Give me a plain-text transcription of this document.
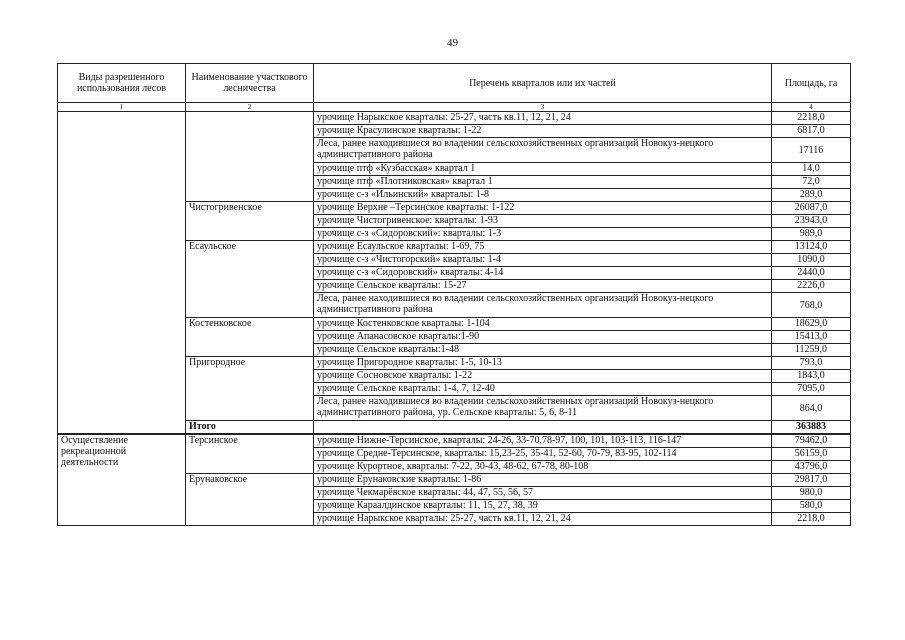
49
Виды разрешенного использования лесов	Наименование участкового лесничества	Перечень кварталов или их частей	Площадь, га
1	2	3	4
		урочище Нарыкское кварталы: 25-27, часть кв.11, 12, 21, 24	2218,0
		урочище Красулинское кварталы: 1-22	6817,0
		Леса, ранее находившиеся во владении сельскохозяйственных организаций Новокуз-нецкого административного района	17116
		урочище птф «Кузбасская» квартал 1	14,0
		урочище птф «Плотниковская» квартал 1	72,0
		урочище с-з «Ильинский» кварталы: 1-8	289,0
	Чистогривенское	урочище Верхне –Терсинское кварталы: 1-122	26087,0
		урочище Чистогривенское: кварталы: 1-93	23943,0
		урочище с-з «Сидоровский»: кварталы: 1-3	989,0
	Есаульское	урочище Есаульское кварталы: 1-69, 75	13124,0
		урочище с-з «Чистогорский» кварталы: 1-4	1090,0
		урочище с-з «Сидоровский» кварталы: 4-14	2440,0
		урочище Сельское кварталы: 15-27	2226,0
		Леса, ранее находившиеся во владении сельскохозяйственных организаций Новокуз-нецкого административного района	768,0
	Костенковское	урочище Костенковское кварталы: 1-104	18629,0
		урочище Апанасовское кварталы:1-90	15413,0
		урочище Сельское кварталы:1-48	11259,0
	Пригородное	урочище Пригородное кварталы: 1-5, 10-13	793,0
		урочище Сосновское кварталы: 1-22	1843,0
		урочище Сельское кварталы: 1-4, 7, 12-40	7095,0
		Леса, ранее находившиеся во владении сельскохозяйственных организаций Новокуз-нецкого административного района, ур. Сельское кварталы: 5, 6, 8-11	864,0
	Итого		363883
Осуществление рекреационной деятельности	Терсинское	урочище Нижне-Терсинское, кварталы: 24-26, 33-70,78-97, 100, 101, 103-113, 116-147	79462,0
		урочище Средне-Терсинское, кварталы: 15,23-25, 35-41, 52-60, 70-79, 83-95, 102-114	56159,0
		урочище Курортное, кварталы: 7-22, 30-43, 48-62, 67-78, 80-108	43796,0
	Ерунаковское	урочище Ерунаковские кварталы: 1-86	29817,0
		урочище Чекмарёвское кварталы: 44, 47, 55, 56, 57	980,0
		урочище Караалдинское кварталы: 11, 15, 27, 38, 39	580,0
		урочище Нарыкское кварталы: 25-27, часть кв.11, 12, 21, 24	2218,0
